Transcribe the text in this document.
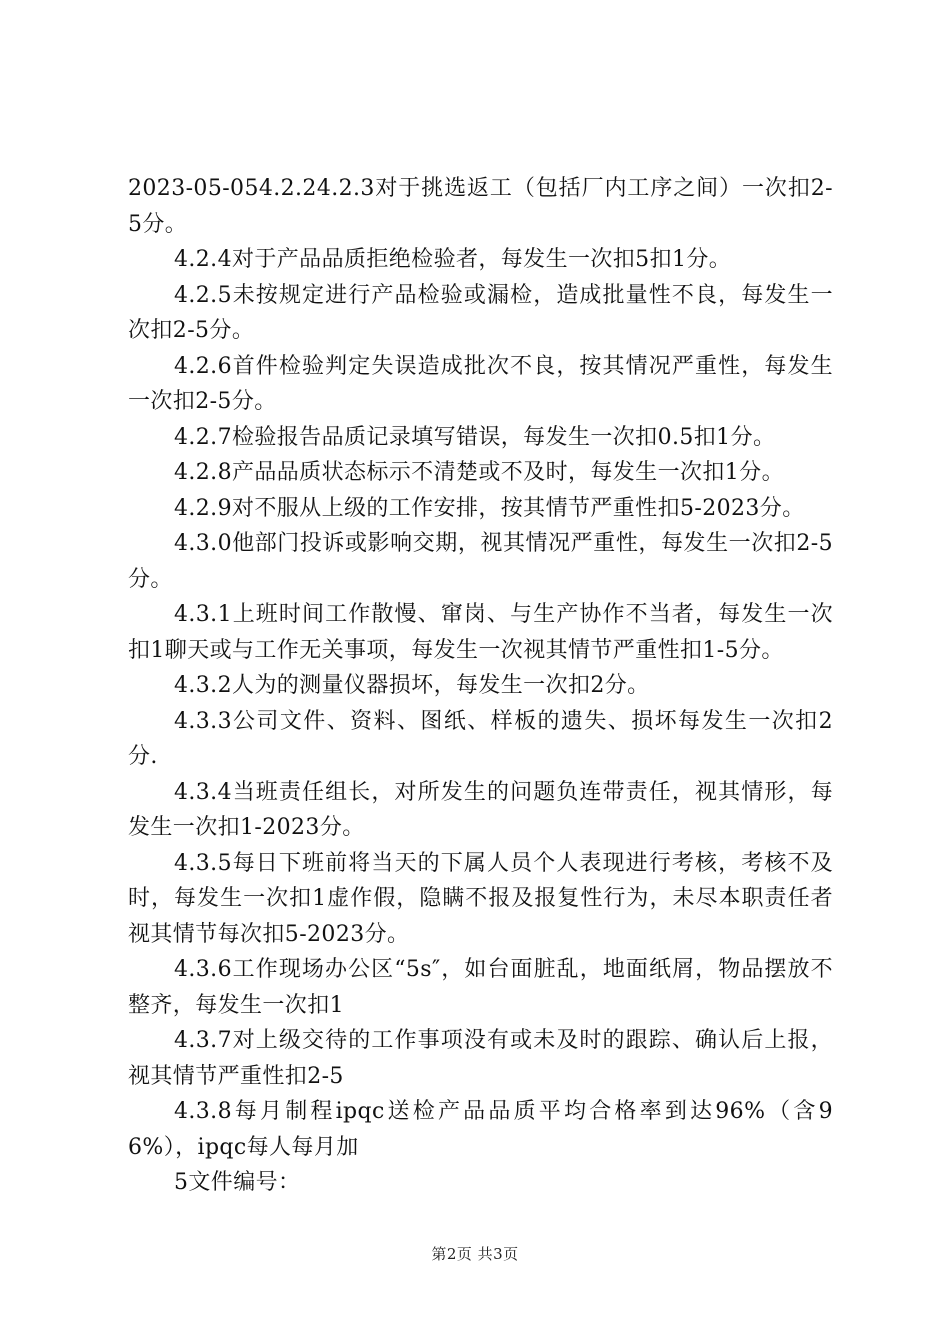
2023-05-054.2.24.2.3对于挑选返工（包括厂内工序之间）一次扣2-5分。

4.2.4对于产品品质拒绝检验者，每发生一次扣5扣1分。

4.2.5未按规定进行产品检验或漏检，造成批量性不良，每发生一次扣2-5分。

4.2.6首件检验判定失误造成批次不良，按其情况严重性，每发生一次扣2-5分。

4.2.7检验报告品质记录填写错误，每发生一次扣0.5扣1分。

4.2.8产品品质状态标示不清楚或不及时，每发生一次扣1分。

4.2.9对不服从上级的工作安排，按其情节严重性扣5-2023分。

4.3.0他部门投诉或影响交期，视其情况严重性，每发生一次扣2-5分。

4.3.1上班时间工作散慢、窜岗、与生产协作不当者，每发生一次扣1聊天或与工作无关事项，每发生一次视其情节严重性扣1-5分。

4.3.2人为的测量仪器损坏，每发生一次扣2分。

4.3.3公司文件、资料、图纸、样板的遗失、损坏每发生一次扣2分.

4.3.4当班责任组长，对所发生的问题负连带责任，视其情形，每发生一次扣1-2023分。

4.3.5每日下班前将当天的下属人员个人表现进行考核，考核不及时，每发生一次扣1虚作假，隐瞒不报及报复性行为，未尽本职责任者视其情节每次扣5-2023分。

4.3.6工作现场办公区“5s″，如台面脏乱，地面纸屑，物品摆放不整齐，每发生一次扣1

4.3.7对上级交待的工作事项没有或未及时的跟踪、确认后上报，视其情节严重性扣2-5

4.3.8每月制程ipqc送检产品品质平均合格率到达96%（含96%），ipqc每人每月加

5文件编号：

第2页 共3页
